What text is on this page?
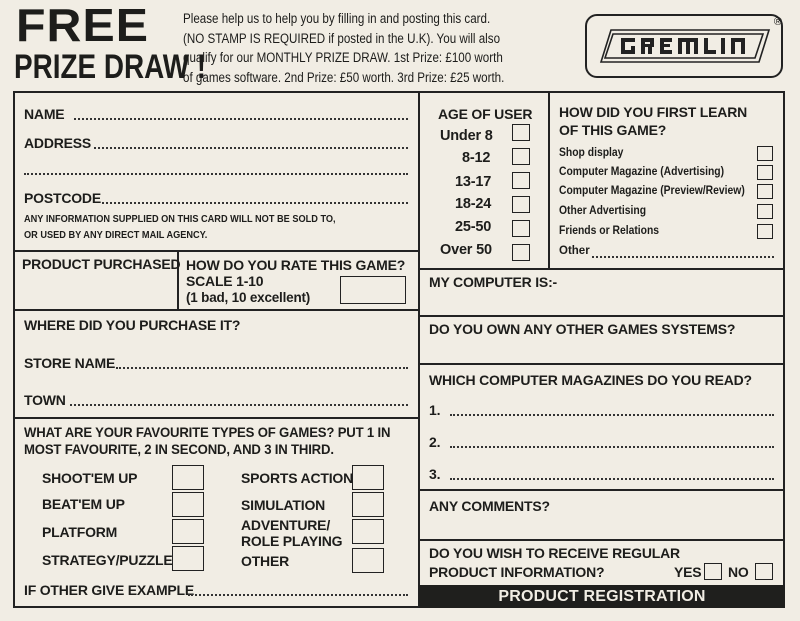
FREE
PRIZE DRAW !
Please help us to help you by filling in and posting this card.
(NO STAMP IS REQUIRED if posted in the U.K). You will also
qualify for our MONTHLY PRIZE DRAW. 1st Prize: £100 worth
of games software. 2nd Prize: £50 worth. 3rd Prize: £25 worth.
®
NAME
ADDRESS
POSTCODE
ANY INFORMATION SUPPLIED ON THIS CARD WILL NOT BE SOLD TO,
OR USED BY ANY DIRECT MAIL AGENCY.
AGE OF USER
Under 8
8-12
13-17
18-24
25-50
Over 50
HOW DID YOU FIRST LEARN
OF THIS GAME?
Shop display
Computer Magazine (Advertising)
Computer Magazine (Preview/Review)
Other Advertising
Friends or Relations
Other
PRODUCT PURCHASED HOW DO YOU RATE THIS GAME?
SCALE 1-10
(1 bad, 10 excellent)
MY COMPUTER IS:-
WHERE DID YOU PURCHASE IT?
STORE NAME
TOWN
DO YOU OWN ANY OTHER GAMES SYSTEMS?
WHICH COMPUTER MAGAZINES DO YOU READ?
1.
2.
3.
WHAT ARE YOUR FAVOURITE TYPES OF GAMES? PUT 1 IN
MOST FAVOURITE, 2 IN SECOND, AND 3 IN THIRD.
SHOOT'EM UP
BEAT'EM UP
PLATFORM
STRATEGY/PUZZLE
SPORTS ACTION
SIMULATION
ADVENTURE/
ROLE PLAYING
OTHER
IF OTHER GIVE EXAMPLE
ANY COMMENTS?
DO YOU WISH TO RECEIVE REGULAR
PRODUCT INFORMATION?	YES NO
PRODUCT REGISTRATION
